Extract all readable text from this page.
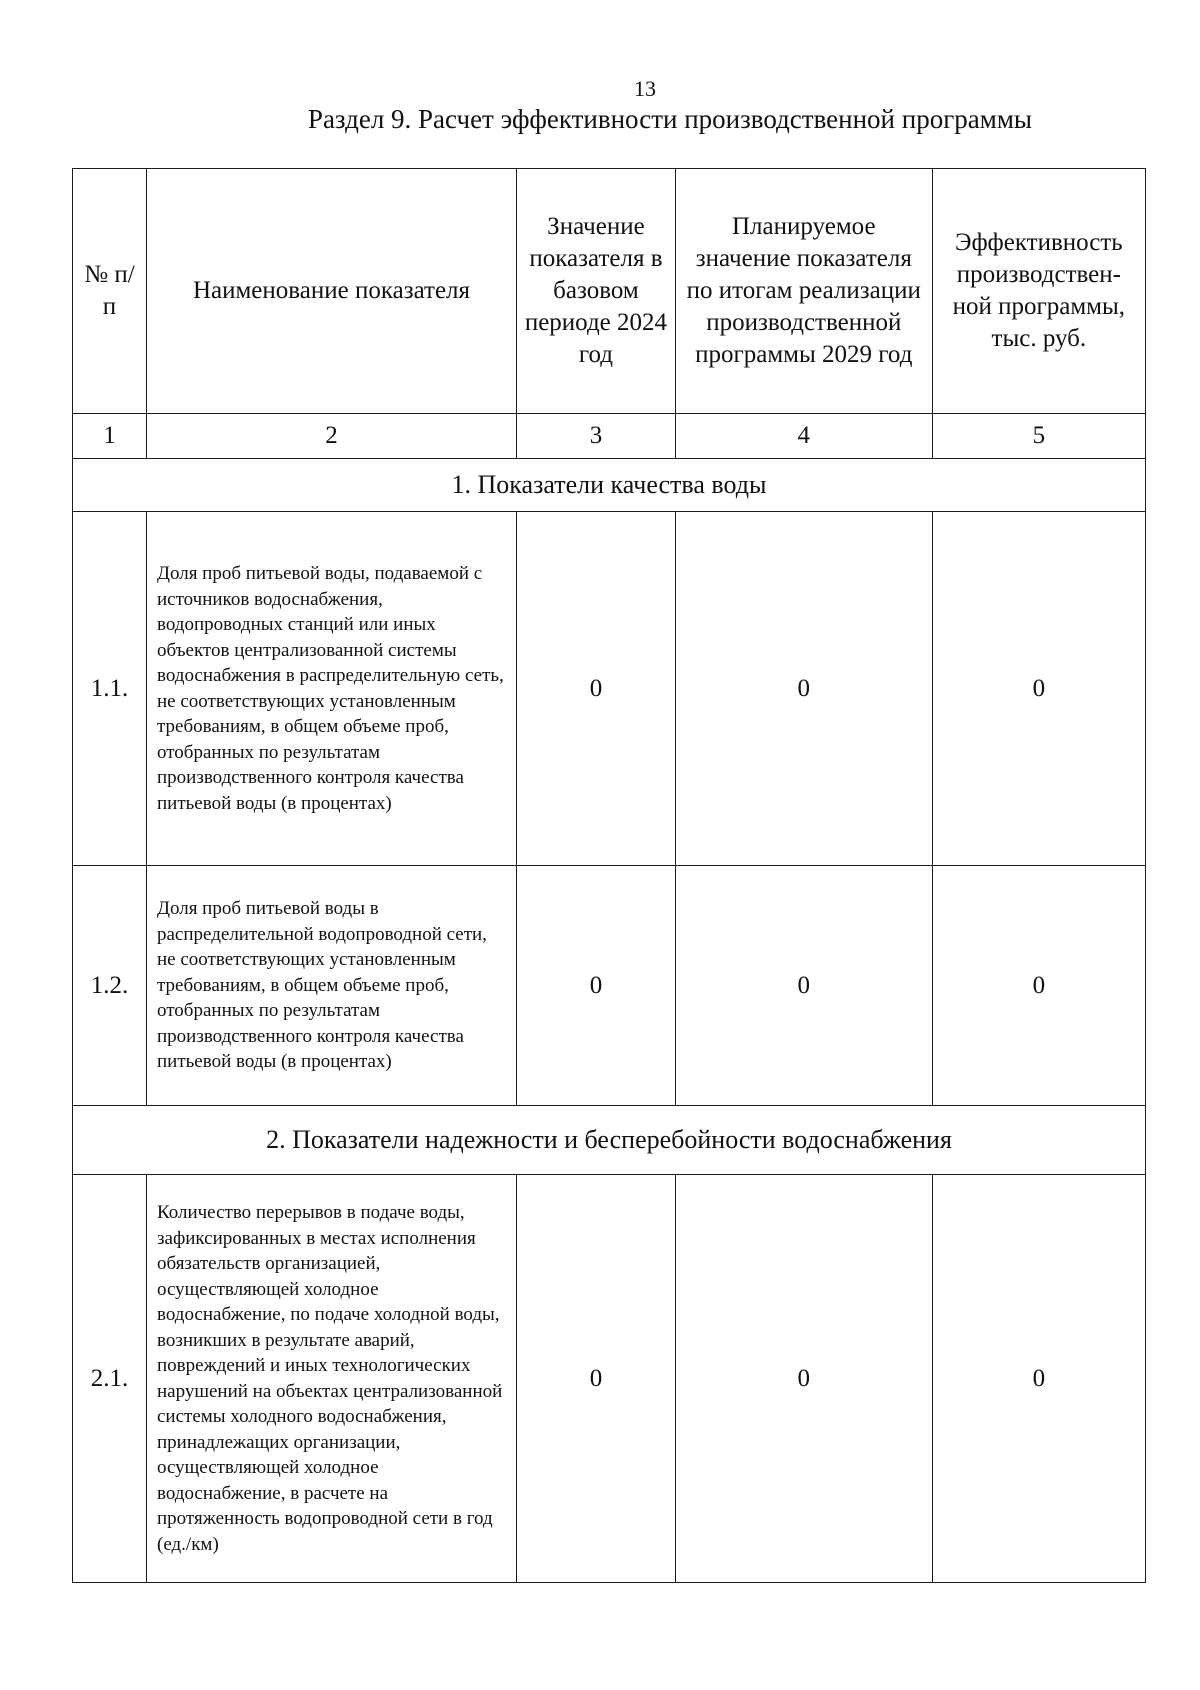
13
Раздел 9. Расчет эффективности производственной программы
№ п/п	Наименование показателя	Значение показателя в базовом периоде 2024 год	Планируемое значение показателя по итогам реализации производственной программы 2029 год	Эффективность производствен-ной программы, тыс. руб.
1	2	3	4	5
1. Показатели качества воды				
1.1.	Доля проб питьевой воды, подаваемой с источников водоснабжения, водопроводных станций или иных объектов централизованной системы водоснабжения в распределительную сеть, не соответствующих установленным требованиям, в общем объеме проб, отобранных по результатам производственного контроля качества питьевой воды (в процентах)	0	0	0
1.2.	Доля проб питьевой воды в распределительной водопроводной сети, не соответствующих установленным требованиям, в общем объеме проб, отобранных по результатам производственного контроля качества питьевой воды (в процентах)	0	0	0
2. Показатели надежности и бесперебойности водоснабжения				
2.1.	Количество перерывов в подаче воды, зафиксированных в местах исполнения обязательств организацией, осуществляющей холодное водоснабжение, по подаче холодной воды, возникших в результате аварий, повреждений и иных технологических нарушений на объектах централизованной системы холодного водоснабжения, принадлежащих организации, осуществляющей холодное водоснабжение, в расчете на протяженность водопроводной сети в год (ед./км)	0	0	0
